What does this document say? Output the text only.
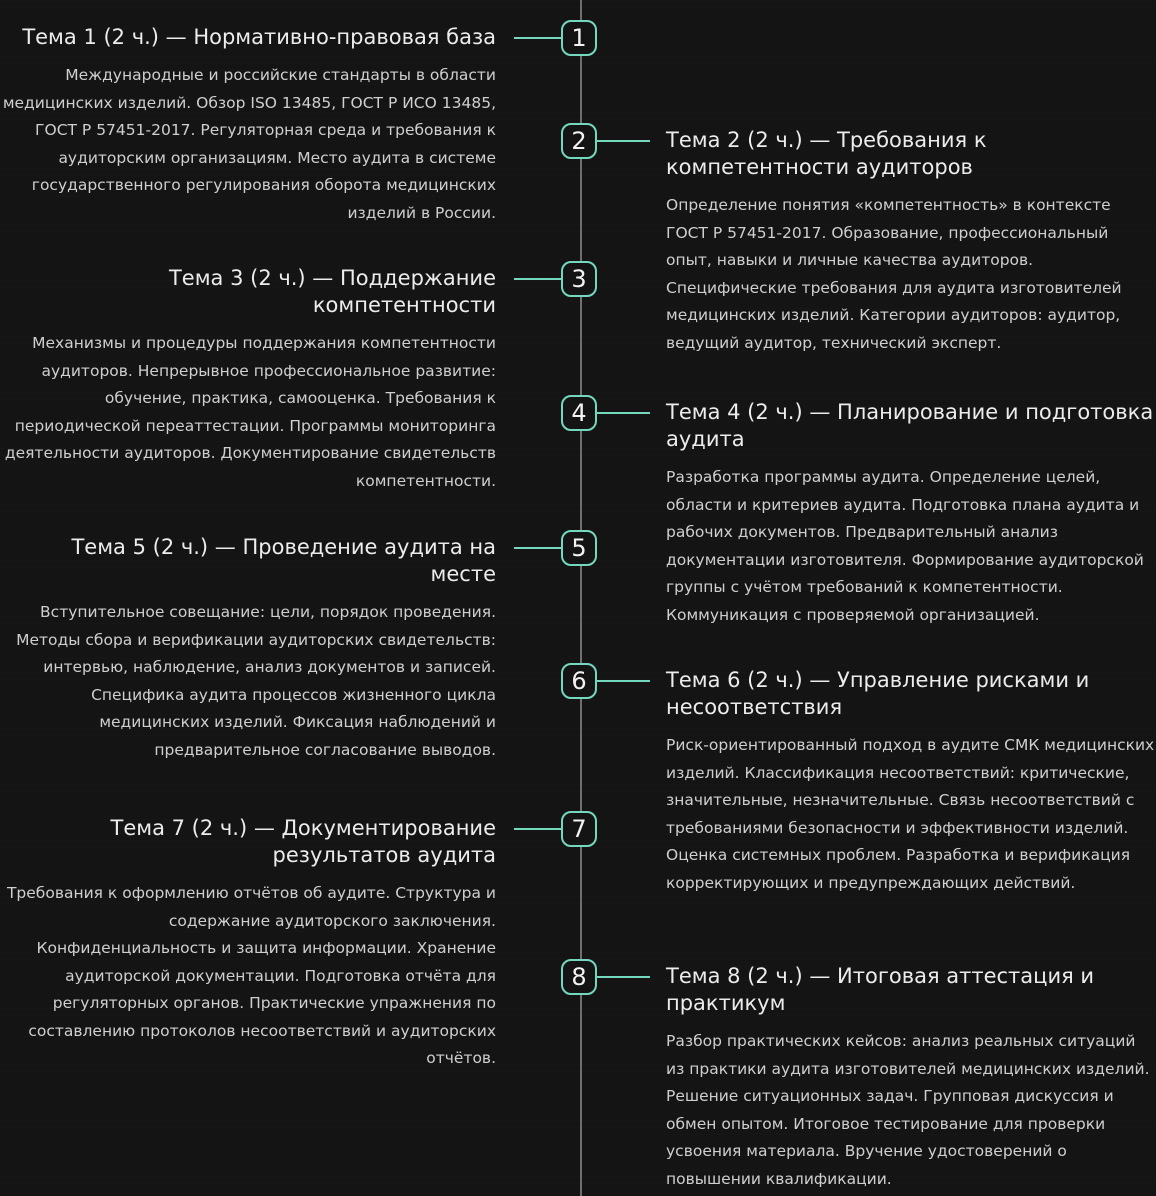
1
Тема 1 (2 ч.) — Нормативно-правовая база

Международные и российские стандарты в области медицинских изделий. Обзор ISO 13485, ГОСТ Р ИСО 13485, ГОСТ Р 57451-2017. Регуляторная среда и требования к аудиторским организациям. Место аудита в системе государственного регулирования оборота медицинских изделий в России.

2	Тема 2 (2 ч.) — Требования к компетентности аудиторов

Определение понятия «компетентность» в контексте ГОСТ Р 57451-2017. Образование, профессиональный опыт, навыки и личные качества аудиторов. Специфические требования для аудита изготовителей медицинских изделий. Категории аудиторов: аудитор, ведущий аудитор, технический эксперт.

3
Тема 3 (2 ч.) — Поддержание компетентности

Механизмы и процедуры поддержания компетентности аудиторов. Непрерывное профессиональное развитие: обучение, практика, самооценка. Требования к периодической переаттестации. Программы мониторинга деятельности аудиторов. Документирование свидетельств компетентности.

4	Тема 4 (2 ч.) — Планирование и подготовка аудита

Разработка программы аудита. Определение целей, области и критериев аудита. Подготовка плана аудита и рабочих документов. Предварительный анализ документации изготовителя. Формирование аудиторской группы с учётом требований к компетентности. Коммуникация с проверяемой организацией.

5
Тема 5 (2 ч.) — Проведение аудита на месте

Вступительное совещание: цели, порядок проведения. Методы сбора и верификации аудиторских свидетельств: интервью, наблюдение, анализ документов и записей. Специфика аудита процессов жизненного цикла медицинских изделий. Фиксация наблюдений и предварительное согласование выводов.

6	Тема 6 (2 ч.) — Управление рисками и несоответствия

Риск-ориентированный подход в аудите СМК медицинских изделий. Классификация несоответствий: критические, значительные, незначительные. Связь несоответствий с требованиями безопасности и эффективности изделий. Оценка системных проблем. Разработка и верификация корректирующих и предупреждающих действий.

7
Тема 7 (2 ч.) — Документирование результатов аудита

Требования к оформлению отчётов об аудите. Структура и содержание аудиторского заключения. Конфиденциальность и защита информации. Хранение аудиторской документации. Подготовка отчёта для регуляторных органов. Практические упражнения по составлению протоколов несоответствий и аудиторских отчётов.

8	Тема 8 (2 ч.) — Итоговая аттестация и практикум

Разбор практических кейсов: анализ реальных ситуаций из практики аудита изготовителей медицинских изделий. Решение ситуационных задач. Групповая дискуссия и обмен опытом. Итоговое тестирование для проверки усвоения материала. Вручение удостоверений о повышении квалификации.
